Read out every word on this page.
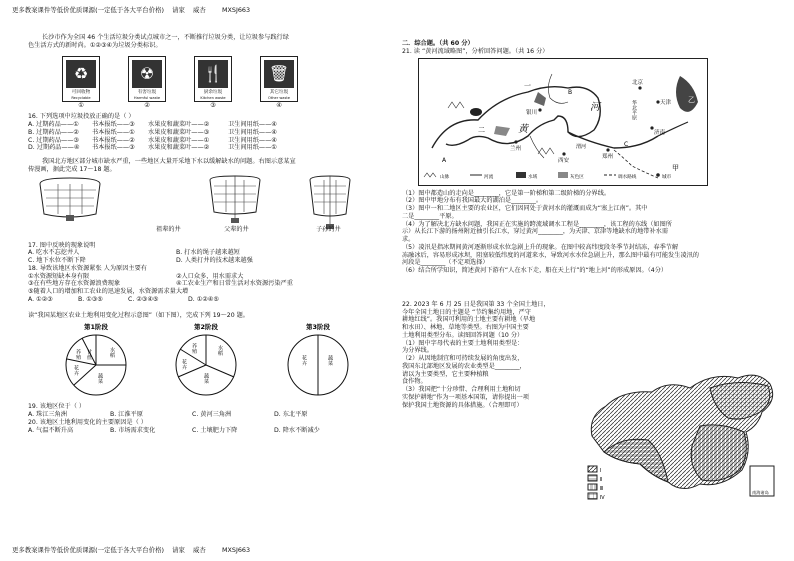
更多教案课件等低价优质课源(一定低于各大平台价格)    请家    威杏        MXSJ663
更多教案课件等低价优质课源(一定低于各大平台价格)    请家    威杏        MXSJ663
长沙市作为全国 46 个生活垃圾分类试点城市之一，不断推行垃圾分类，让垃圾参与践行绿
色生活方式的新时尚。①②③④为垃圾分类标识。
♻
可回收物
Recyclable
①
☢
有害垃圾
Harmful waste
②
🍴
厨余垃圾
Kitchen waste
③
🗑
其它垃圾
Other waste
④
16. 下列选项中垃圾投放正确的是（ ）
A. 过期药品——①	书本报纸——③	水果皮和蔬菜叶——②	卫生间用纸——④
B. 过期药品——②	书本报纸——①	水果皮和蔬菜叶——③	卫生间用纸——④
C. 过期药品——③	书本报纸——②	水果皮和蔬菜叶——①	卫生间用纸——④
D. 过期药品——④	书本报纸——③	水果皮和蔬菜叶——②	卫生间用纸——①
我国北方地区部分城市缺水严重，一些地区大量开采地下水以缓解缺水的问题。右图示意某宣
传漫画，据此完成 17～18 题。
祖辈的井	父辈的井	子孙的井
17. 图中反映的现象说明
A. 吃水不忘挖井人	B. 打水的绳子越来越短
C. 地下水位不断下降	D. 人类打井的技术越来越强
18. 导致该地区水资源紧张 人为原因主要有
①水资源短缺本身有限	②人口众多，用水需求大
③在有些地方存在水资源浪费现象	④工农业生产和日常生活对水资源污染严重
⑤随着人口的增加和工农业的迅速发展，水资源需求量大增
A. ①②③	B. ①③⑤	C. ②③④⑤	D. ①②④⑤
读“我国某地区农业土地利用变化过程示意图”（如下图），完成下列 19～20 题。
第1阶段
甘蔗
养殖	水稻
蔬菜
花卉
第2阶段
养殖	水稻
蔬菜
花卉
第3阶段
花卉	蔬菜
19. 该地区位于（ ）
A. 珠江三角洲	B. 江淮平原	C. 黄河三角洲	D. 东北平原
20. 该地区土地利用变化的主要原因是（ ）
A. 气温不断升高	B. 市场需求变化	C. 土壤肥力下降	D. 降水不断减少
二．综合题。（共 60 分）
21. 读 “黄河流域略图”，分析回答问题。（共 16 分）
北京
天津
华北平原
济南
郑州
西安
兰州
银川
渭河
河
黄
一
二
A
B
C
乙
甲
山脉	河流	水域	灰色区	调水路线	城市
（1）图中都造山的走向是________，它是第一阶梯和第二级阶梯的分界线。
（2）图中甲地分布有我国最大的湖泊是________。
（3）图中一和二地区主要的农业区，它们因同处于黄河水的灌溉而成为“塞上江南”。其中
二是________平原。
（4）为了解决北方缺水问题，我国正在实施的跨流域调水工程是________，该工程的东线（如图所
示）从长江下游的扬州附近抽引长江水，穿过黄河________，为天津、京津等地缺水的地带补水需
求。
（5）凌汛是指冰期间黄河逐渐形成水位急剧上升的现象。在图中较高纬度段冬季节封结冻，春季节解
冻融冰后，容易形成冰坝，阻塞较低纬度的河道来水，导致河水水位急剧上升，那么图中最有可能发生凌汛的
河段是________（不定项选择）
（6）结合所学知识，简述黄河下游有“人在水下走，船在天上行”的“地上河”的形成原因。（4分）
22. 2023 年 6 月 25 日是我国第 33 个全国土地日，
今年全国土地日的主题是 “节约集约用地，严守
耕地红线”。我国可利用的土地主要有耕地（旱地
和水田）、林地、草地等类型。右图为中国主要
土地利用类型分布。读图回答问题（10 分）
（1）图中字母代表的主要土地利用类型是：
为分界线。
（2）从因地制宜和可持续发展的角度出发，
我国东北部地区发展的农业类型是________，
请以为主要类型，它主要种植粮
食作物。
（3）我国把“十分珍惜、合理利用土地和切
实保护耕地”作为一项基本国策，请你提出一项
保护我国土地资源的具体措施。（合理即可）
Ⅰ
Ⅱ
Ⅲ
Ⅳ
南海诸岛
